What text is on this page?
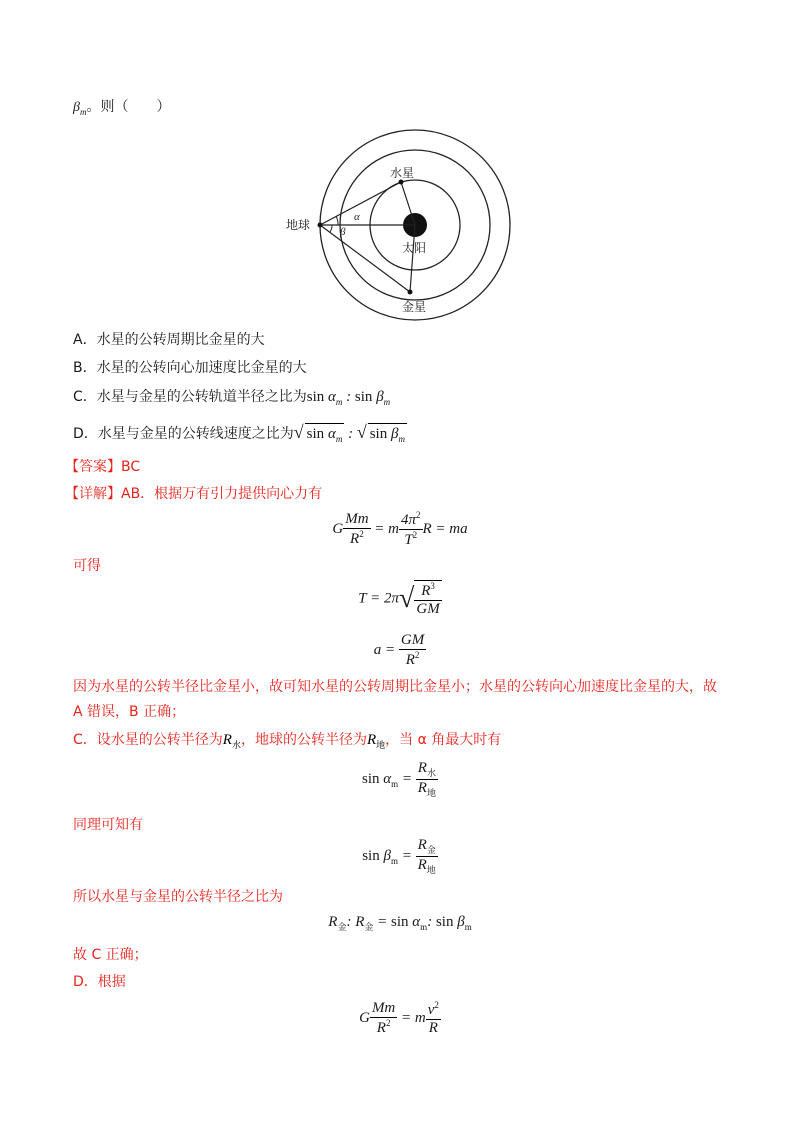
$\beta_m$。则（　　）
地球
水星
金星
太阳
α
β
A．水星的公转周期比金星的大
B．水星的公转向心加速度比金星的大
C．水星与金星的公转轨道半径之比为$\sin \alpha_m$ : $\sin \beta_m$
D．水星与金星的公转线速度之比为√ $\sin \alpha_m$ : √ $\sin \beta_m$
【答案】BC
【详解】AB．根据万有引力提供向心力有
G $\frac{Mm}{R^2} = m \frac{4\pi^2}{T^2}$ R = ma
可得
$T = 2\pi√ \frac{R^3}{GM}$
$a = \frac{GM}{R^2}$
因为水星的公转半径比金星小，故可知水星的公转周期比金星小；水星的公转向心加速度比金星的大，故
A 错误，B 正确；
C．设水星的公转半径为$R_水$，地球的公转半径为$R_地$，当 α 角最大时有
$\sin \alpha_m = \frac{R_水}{R_地}$
同理可知有
$\sin \beta_m = \frac{R_金}{R_地}$
所以水星与金星的公转半径之比为
$R_金$: $R_金 = \sin \alpha_m$: $\sin \beta_m$
故 C 正确；
D．根据
G $\frac{Mm}{R^2} = m \frac{v^2}{R}$
